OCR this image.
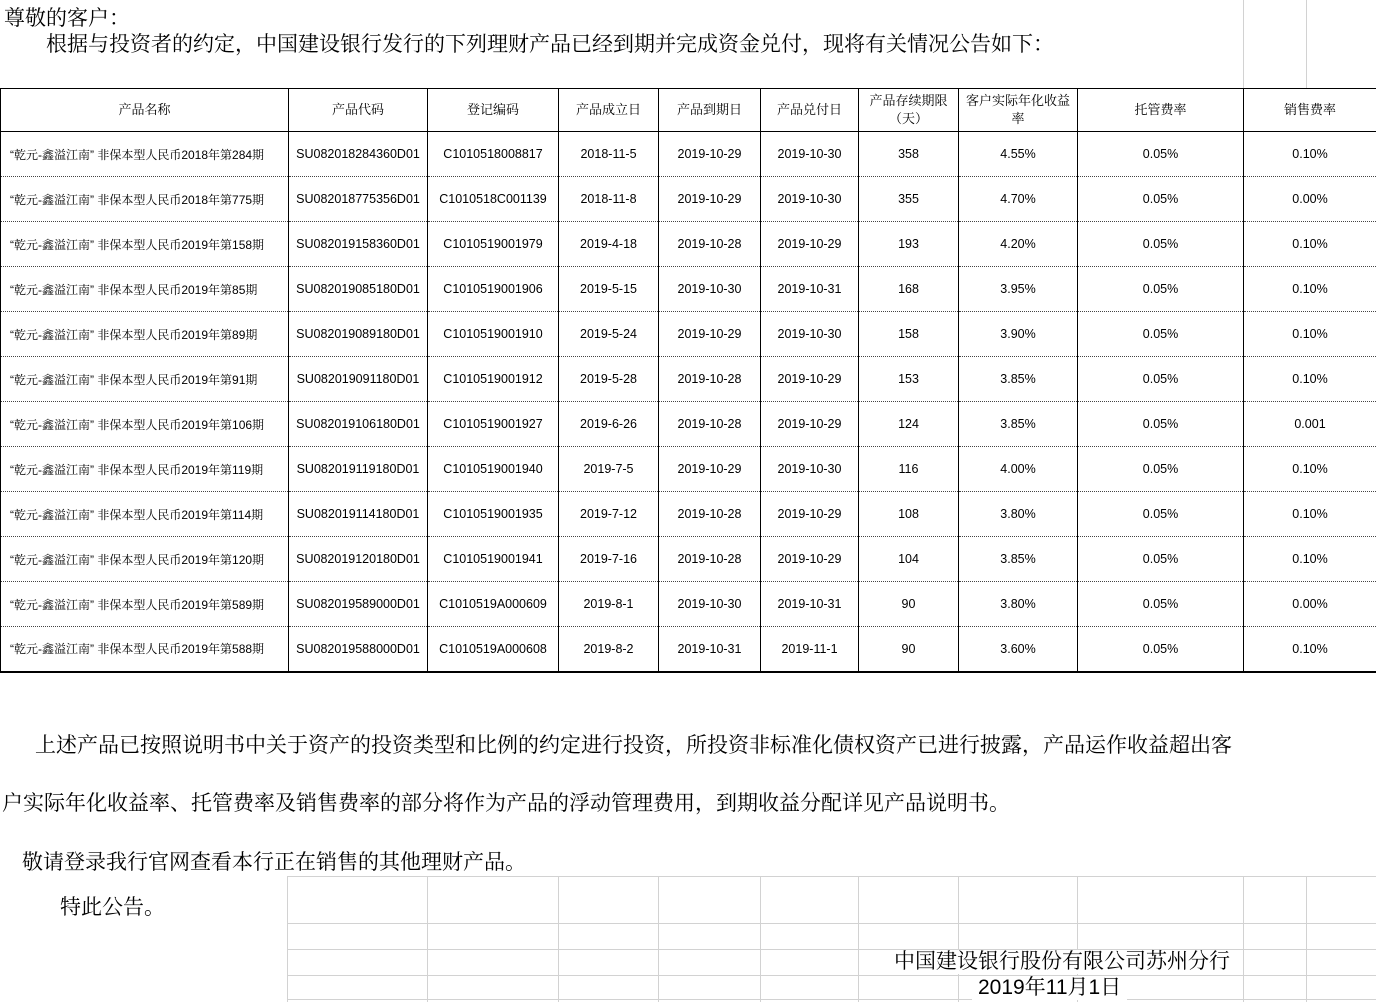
尊敬的客户：
根据与投资者的约定，中国建设银行发行的下列理财产品已经到期并完成资金兑付，现将有关情况公告如下：
产品名称	产品代码	登记编码	产品成立日	产品到期日	产品兑付日	产品存续期限（天）	客户实际年化收益率	托管费率	销售费率
“乾元-鑫溢江南” 非保本型人民币2018年第284期	SU082018284360D01	C1010518008817	2018-11-5	2019-10-29	2019-10-30	358	4.55%	0.05%	0.10%
“乾元-鑫溢江南” 非保本型人民币2018年第775期	SU082018775356D01	C1010518C001139	2018-11-8	2019-10-29	2019-10-30	355	4.70%	0.05%	0.00%
“乾元-鑫溢江南” 非保本型人民币2019年第158期	SU082019158360D01	C1010519001979	2019-4-18	2019-10-28	2019-10-29	193	4.20%	0.05%	0.10%
“乾元-鑫溢江南” 非保本型人民币2019年第85期	SU082019085180D01	C1010519001906	2019-5-15	2019-10-30	2019-10-31	168	3.95%	0.05%	0.10%
“乾元-鑫溢江南” 非保本型人民币2019年第89期	SU082019089180D01	C1010519001910	2019-5-24	2019-10-29	2019-10-30	158	3.90%	0.05%	0.10%
“乾元-鑫溢江南” 非保本型人民币2019年第91期	SU082019091180D01	C1010519001912	2019-5-28	2019-10-28	2019-10-29	153	3.85%	0.05%	0.10%
“乾元-鑫溢江南” 非保本型人民币2019年第106期	SU082019106180D01	C1010519001927	2019-6-26	2019-10-28	2019-10-29	124	3.85%	0.05%	0.001
“乾元-鑫溢江南” 非保本型人民币2019年第119期	SU082019119180D01	C1010519001940	2019-7-5	2019-10-29	2019-10-30	116	4.00%	0.05%	0.10%
“乾元-鑫溢江南” 非保本型人民币2019年第114期	SU082019114180D01	C1010519001935	2019-7-12	2019-10-28	2019-10-29	108	3.80%	0.05%	0.10%
“乾元-鑫溢江南” 非保本型人民币2019年第120期	SU082019120180D01	C1010519001941	2019-7-16	2019-10-28	2019-10-29	104	3.85%	0.05%	0.10%
“乾元-鑫溢江南” 非保本型人民币2019年第589期	SU082019589000D01	C1010519A000609	2019-8-1	2019-10-30	2019-10-31	90	3.80%	0.05%	0.00%
“乾元-鑫溢江南” 非保本型人民币2019年第588期	SU082019588000D01	C1010519A000608	2019-8-2	2019-10-31	2019-11-1	90	3.60%	0.05%	0.10%
上述产品已按照说明书中关于资产的投资类型和比例的约定进行投资，所投资非标准化债权资产已进行披露，产品运作收益超出客
户实际年化收益率、托管费率及销售费率的部分将作为产品的浮动管理费用，到期收益分配详见产品说明书。
敬请登录我行官网查看本行正在销售的其他理财产品。
特此公告。
中国建设银行股份有限公司苏州分行
2019年11月1日
